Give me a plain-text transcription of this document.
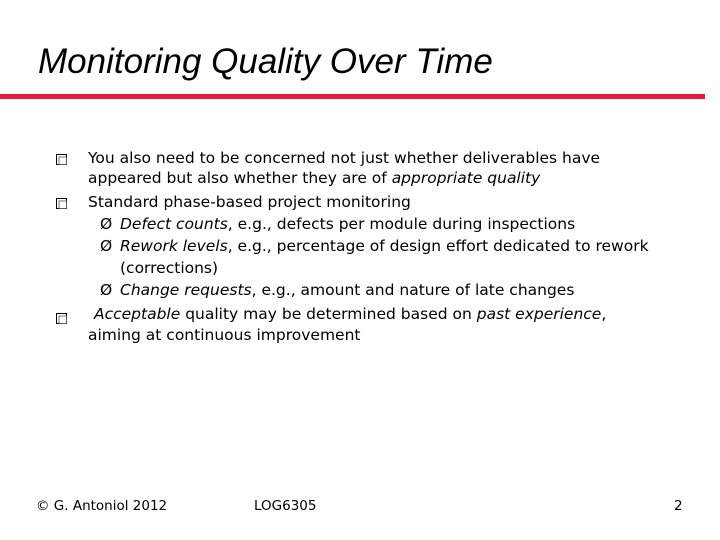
Monitoring Quality Over Time
You also need to be concerned not just whether deliverables have
appeared but also whether they are of appropriate quality
Standard phase-based project monitoring
Ø Defect counts, e.g., defects per module during inspections
Ø Rework levels, e.g., percentage of design effort dedicated to rework
(corrections)
Ø Change requests, e.g., amount and nature of late changes
Acceptable quality may be determined based on past experience,
aiming at continuous improvement
© G. Antoniol 2012	LOG6305	2
